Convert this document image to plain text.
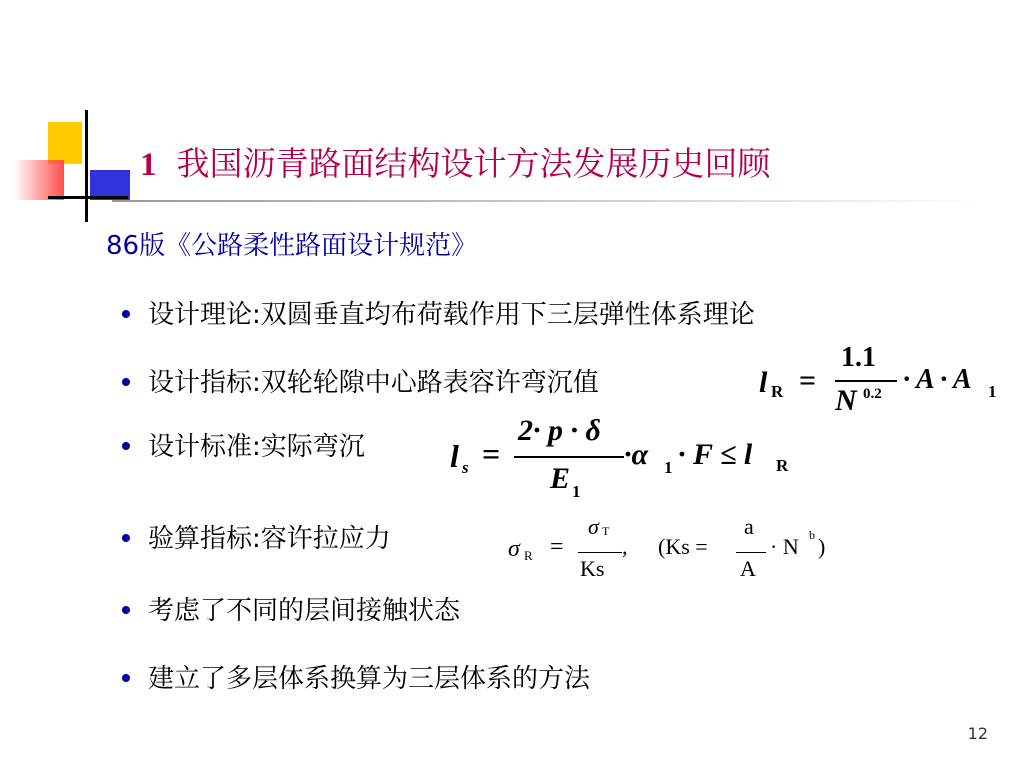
1 我国沥青路面结构设计方法发展历史回顾
86版《公路柔性路面设计规范》
设计理论:双圆垂直均布荷载作用下三层弹性体系理论
设计指标:双轮轮隙中心路表容许弯沉值
设计标准:实际弯沉
验算指标:容许拉应力
考虑了不同的层间接触状态
建立了多层体系换算为三层体系的方法
l R =
1.1
N 0.2 · A · A 1
l s =
2· p · δ
E 1
·α 1 · F ≤ l R
σ R =
σ T
Ks
, (Ks =
a
A
· N b )
12
